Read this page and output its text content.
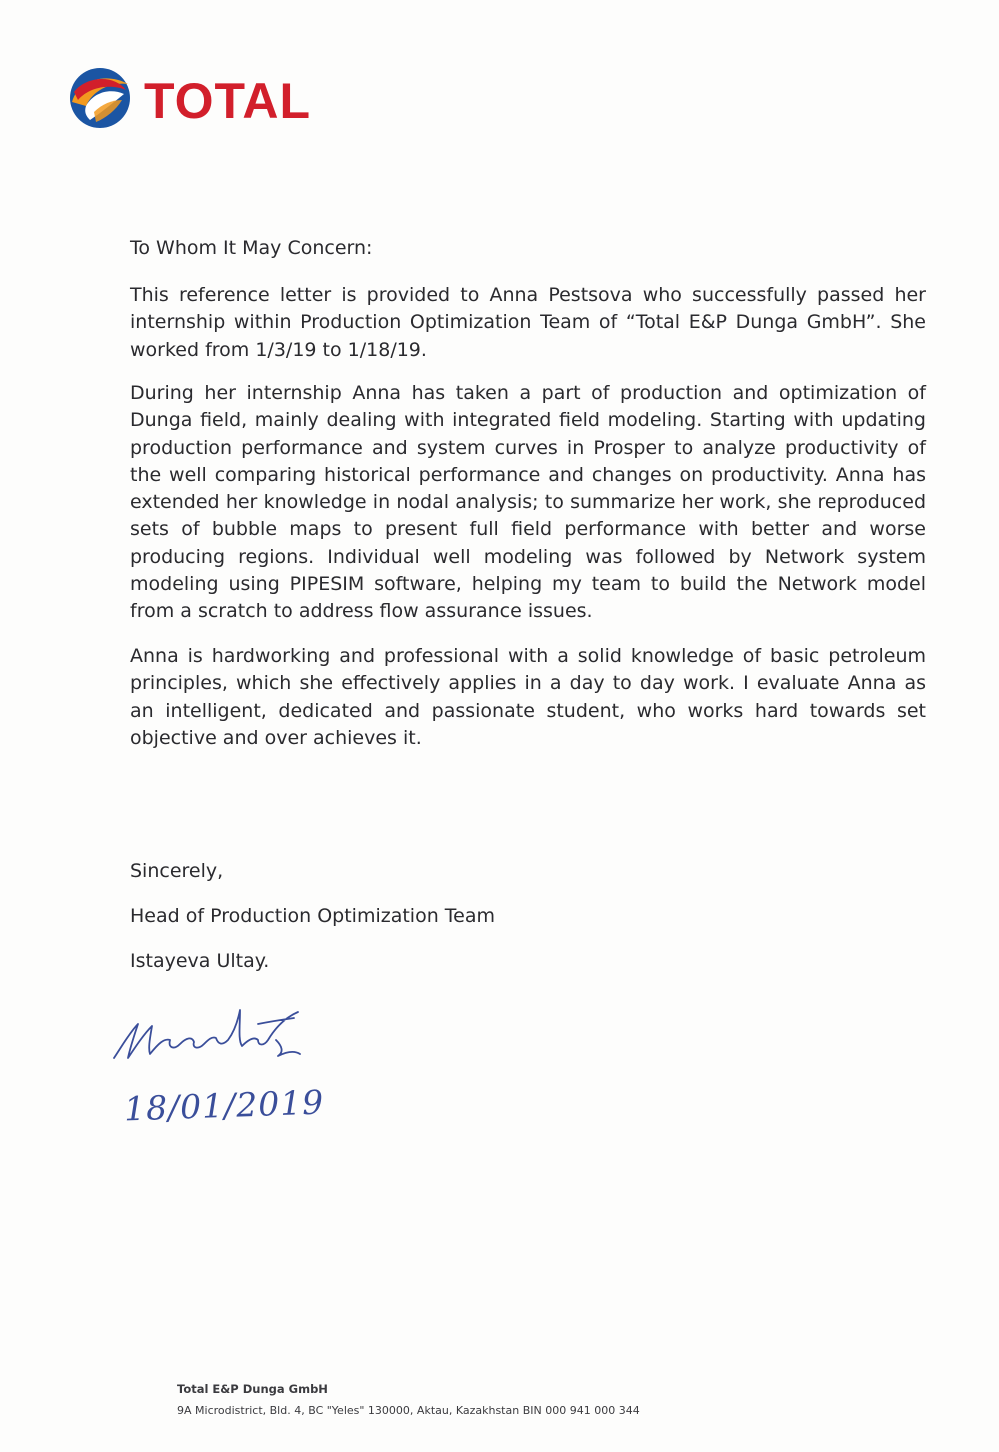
TOTAL
To Whom It May Concern:

This reference letter is provided to Anna Pestsova who successfully passed her internship within Production Optimization Team of “Total E&P Dunga GmbH”. She worked from 1/3/19 to 1/18/19.

During her internship Anna has taken a part of production and optimization of Dunga field, mainly dealing with integrated field modeling. Starting with updating production performance and system curves in Prosper to analyze productivity of the well comparing historical performance and changes on productivity. Anna has extended her knowledge in nodal analysis; to summarize her work, she reproduced sets of bubble maps to present full field performance with better and worse producing regions. Individual well modeling was followed by Network system modeling using PIPESIM software, helping my team to build the Network model from a scratch to address flow assurance issues.

Anna is hardworking and professional with a solid knowledge of basic petroleum principles, which she effectively applies in a day to day work. I evaluate Anna as an intelligent, dedicated and passionate student, who works hard towards set objective and over achieves it.

Sincerely,
Head of Production Optimization Team
Istayeva Ultay.
18/01/2019
Total E&P Dunga GmbH
9A Microdistrict, Bld. 4, BC "Yeles" 130000, Aktau, Kazakhstan BIN 000 941 000 344
